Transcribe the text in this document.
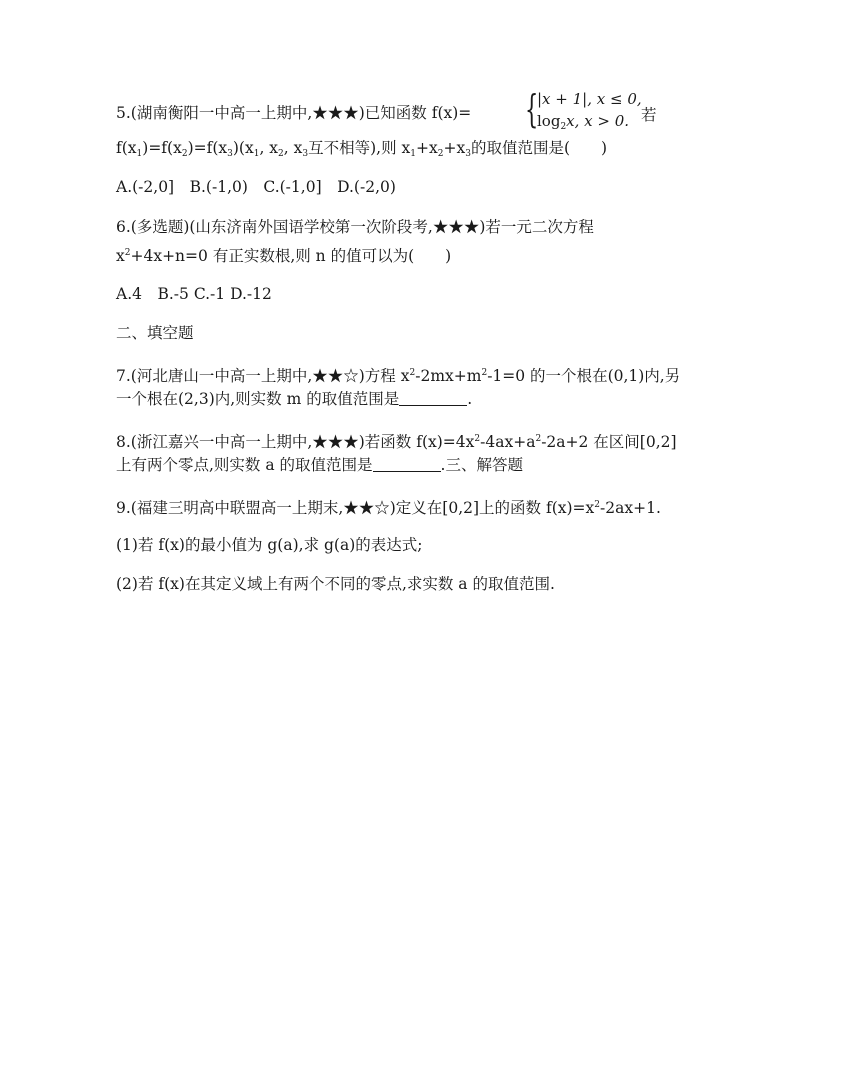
5.(湖南衡阳一中高一上期中,★★★)已知函数 f(x)= {
|x + 1|, x ≤ 0,
$\log_2x$, x > 0. 若
$f(x_1)=f(x_2)=f(x_3)(x_1$, $x_2$, $x_3$互不相等),则 $x_1+x_2+x_3$的取值范围是(　　)
A.(-2,0]　B.(-1,0)　C.(-1,0]　D.(-2,0)
6.(多选题)(山东济南外国语学校第一次阶段考,★★★)若一元二次方程
$x^2+4x+n=0$ 有正实数根,则 n 的值可以为(　　)
A.4　B.-5 C.-1 D.-12
二、填空题
7.(河北唐山一中高一上期中,★★☆)方程 $x^2-2mx+m^2-1=0$ 的一个根在(0,1)内,另
一个根在(2,3)内,则实数 m 的取值范围是	.
8.(浙江嘉兴一中高一上期中,★★★)若函数 $f(x)=4x^2-4ax+a^2-2a+2$ 在区间[0,2]
上有两个零点,则实数 a 的取值范围是	.三、解答题
9.(福建三明高中联盟高一上期末,★★☆)定义在[0,2]上的函数 $f(x)=x^2-2ax+1$.
(1)若 f(x)的最小值为 g(a),求 g(a)的表达式;
(2)若 f(x)在其定义域上有两个不同的零点,求实数 a 的取值范围.
